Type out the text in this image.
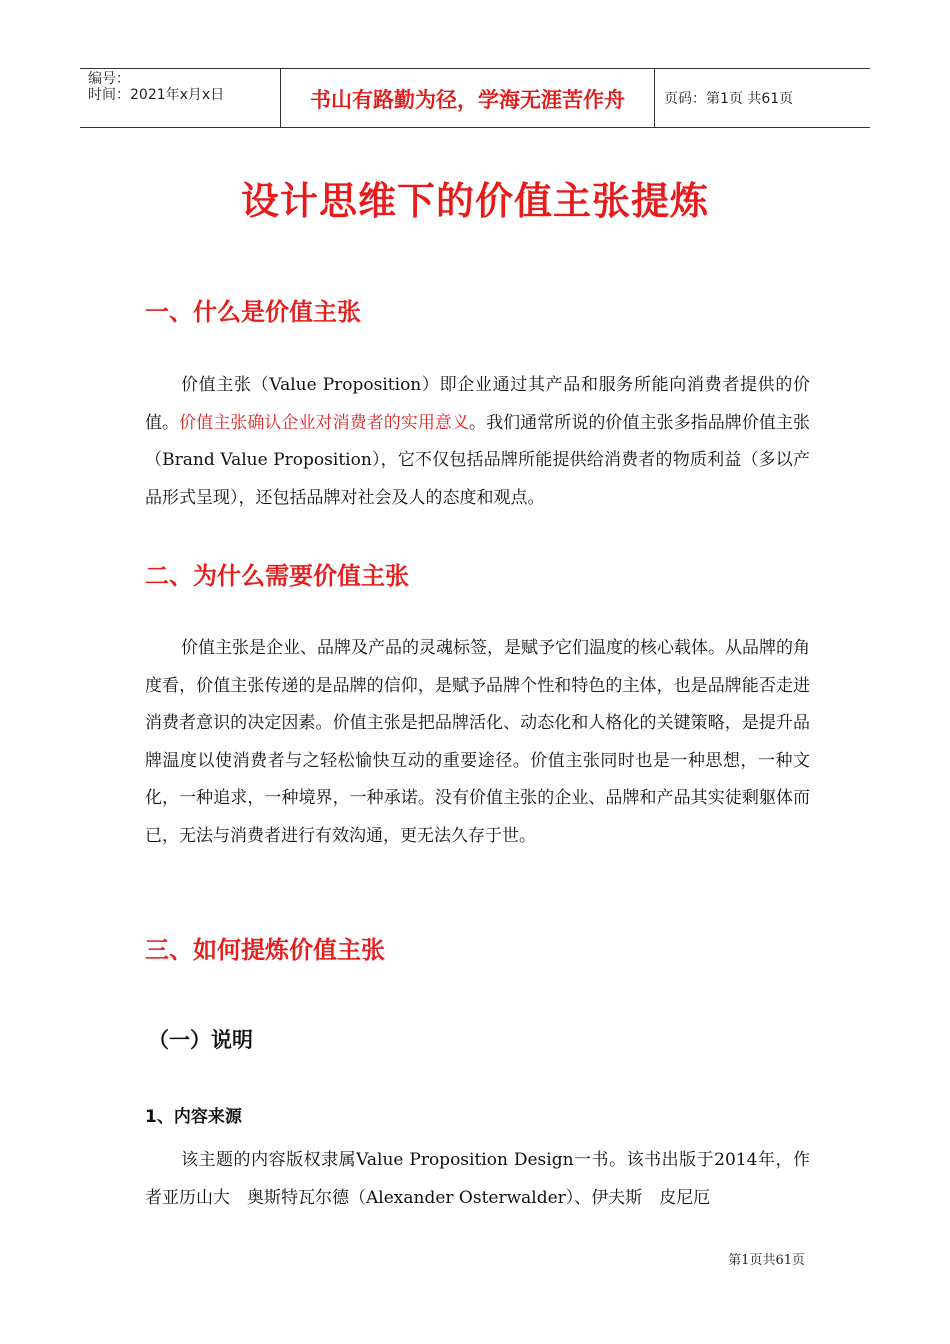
编号：
时间：2021年x月x日	书山有路勤为径，学海无涯苦作舟	页码：第1页 共61页
设计思维下的价值主张提炼
一、什么是价值主张
价值主张（Value Proposition）即企业通过其产品和服务所能向消费者提供的价值。价值主张确认企业对消费者的实用意义。我们通常所说的价值主张多指品牌价值主张（Brand Value Proposition），它不仅包括品牌所能提供给消费者的物质利益（多以产品形式呈现），还包括品牌对社会及人的态度和观点。
二、为什么需要价值主张
价值主张是企业、品牌及产品的灵魂标签，是赋予它们温度的核心载体。从品牌的角度看，价值主张传递的是品牌的信仰，是赋予品牌个性和特色的主体，也是品牌能否走进消费者意识的决定因素。价值主张是把品牌活化、动态化和人格化的关键策略，是提升品牌温度以使消费者与之轻松愉快互动的重要途径。价值主张同时也是一种思想，一种文化，一种追求，一种境界，一种承诺。没有价值主张的企业、品牌和产品其实徒剩躯体而已，无法与消费者进行有效沟通，更无法久存于世。
三、如何提炼价值主张
（一）说明
1、内容来源
该主题的内容版权隶属Value Proposition Design一书。该书出版于2014年，作者亚历山大　奥斯特瓦尔德（Alexander Osterwalder）、伊夫斯　皮尼厄
第1页共61页
